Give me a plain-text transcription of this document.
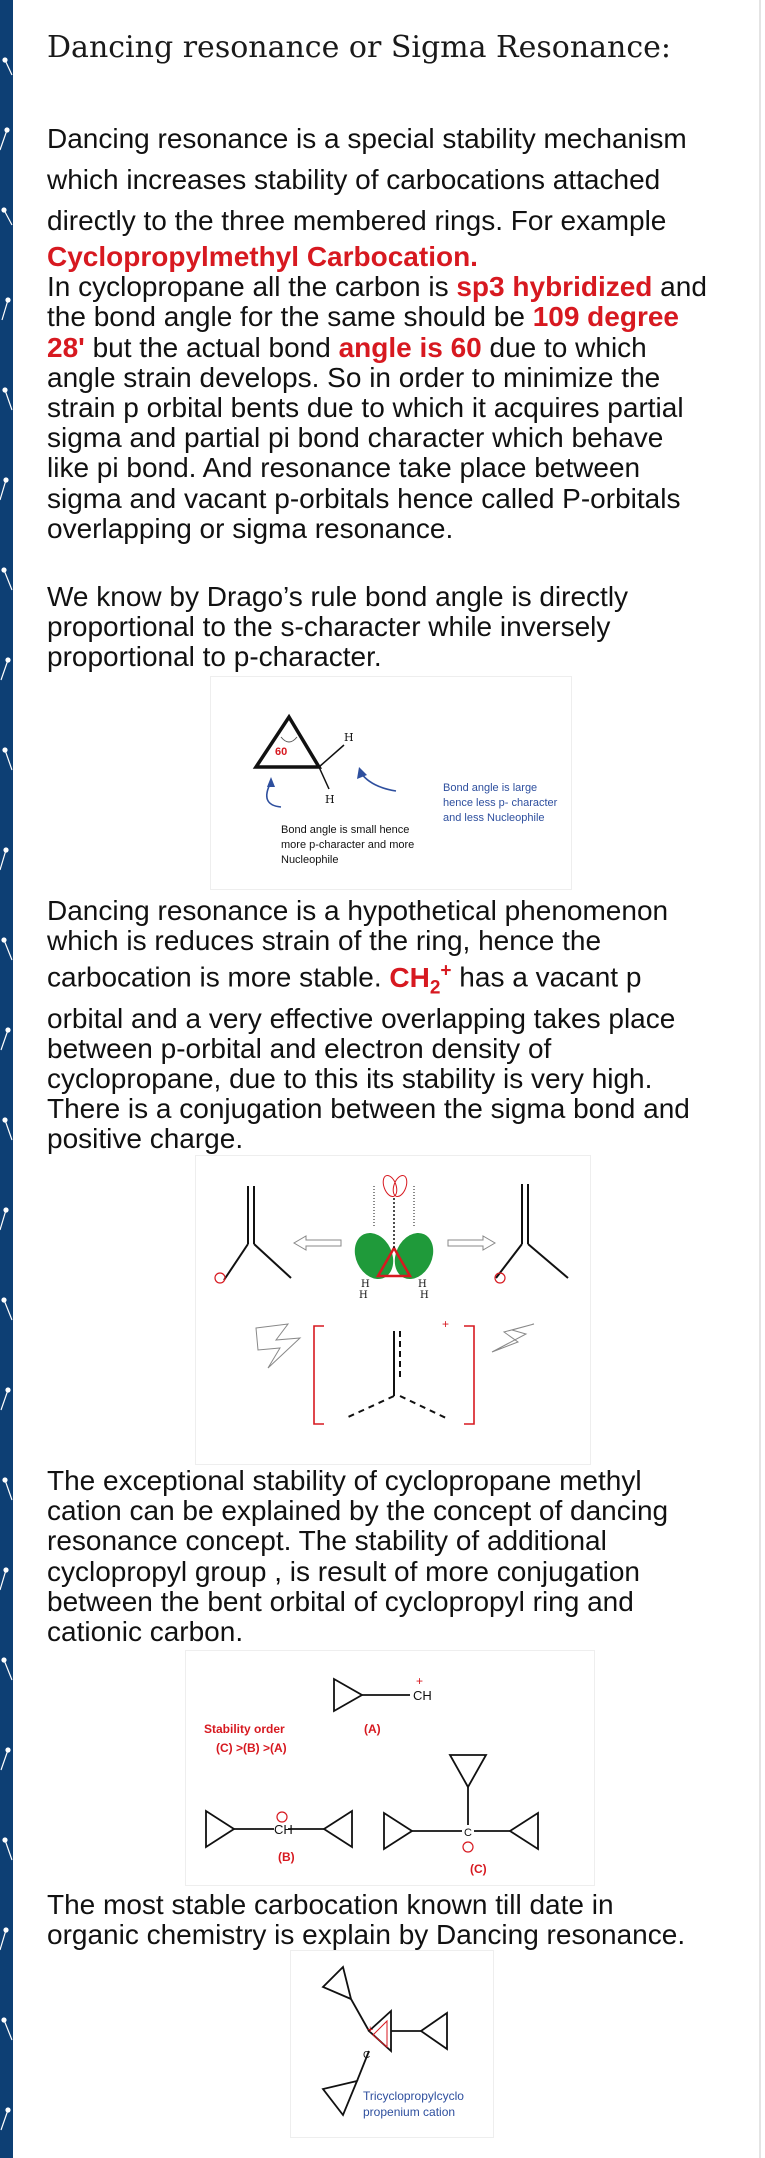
Dancing resonance or Sigma Resonance:
Dancing resonance is a special stability mechanism
which increases stability of carbocations attached
directly to the three membered rings. For example
Cyclopropylmethyl Carbocation.
In cyclopropane all the carbon is sp3 hybridized and
the bond angle for the same should be 109 degree
28' but the actual bond angle is 60 due to which
angle strain develops. So in order to minimize the
strain p orbital bents due to which it acquires partial
sigma and partial pi bond character which behave
like pi bond. And resonance take place between
sigma and vacant p-orbitals hence called P-orbitals
overlapping or sigma resonance.
We know by Drago’s rule bond angle is directly
proportional to the s-character while inversely
proportional to p-character.
Dancing resonance is a hypothetical phenomenon
which is reduces strain of the ring, hence the
carbocation is more stable. $CH_2^+$ has a vacant p
orbital and a very effective overlapping takes place
between p-orbital and electron density of
cyclopropane, due to this its stability is very high.
There is a conjugation between the sigma bond and
positive charge.
The exceptional stability of cyclopropane methyl
cation can be explained by the concept of dancing
resonance concept. The stability of additional
cyclopropyl group , is result of more conjugation
between the bent orbital of cyclopropyl ring and
cationic carbon.
The most stable carbocation known till date in
organic chemistry is explain by Dancing resonance.
60
H
H
Bond angle is large
hence less p- character
and less Nucleophile
Bond angle is small hence
more p-character and more
Nucleophile
H
H
H
H
+
CH
+
(A)
Stability order
(C) >(B) >(A)
CH
(B)
C
(C)
C
+
Tricyclopropylcyclo
propenium cation
